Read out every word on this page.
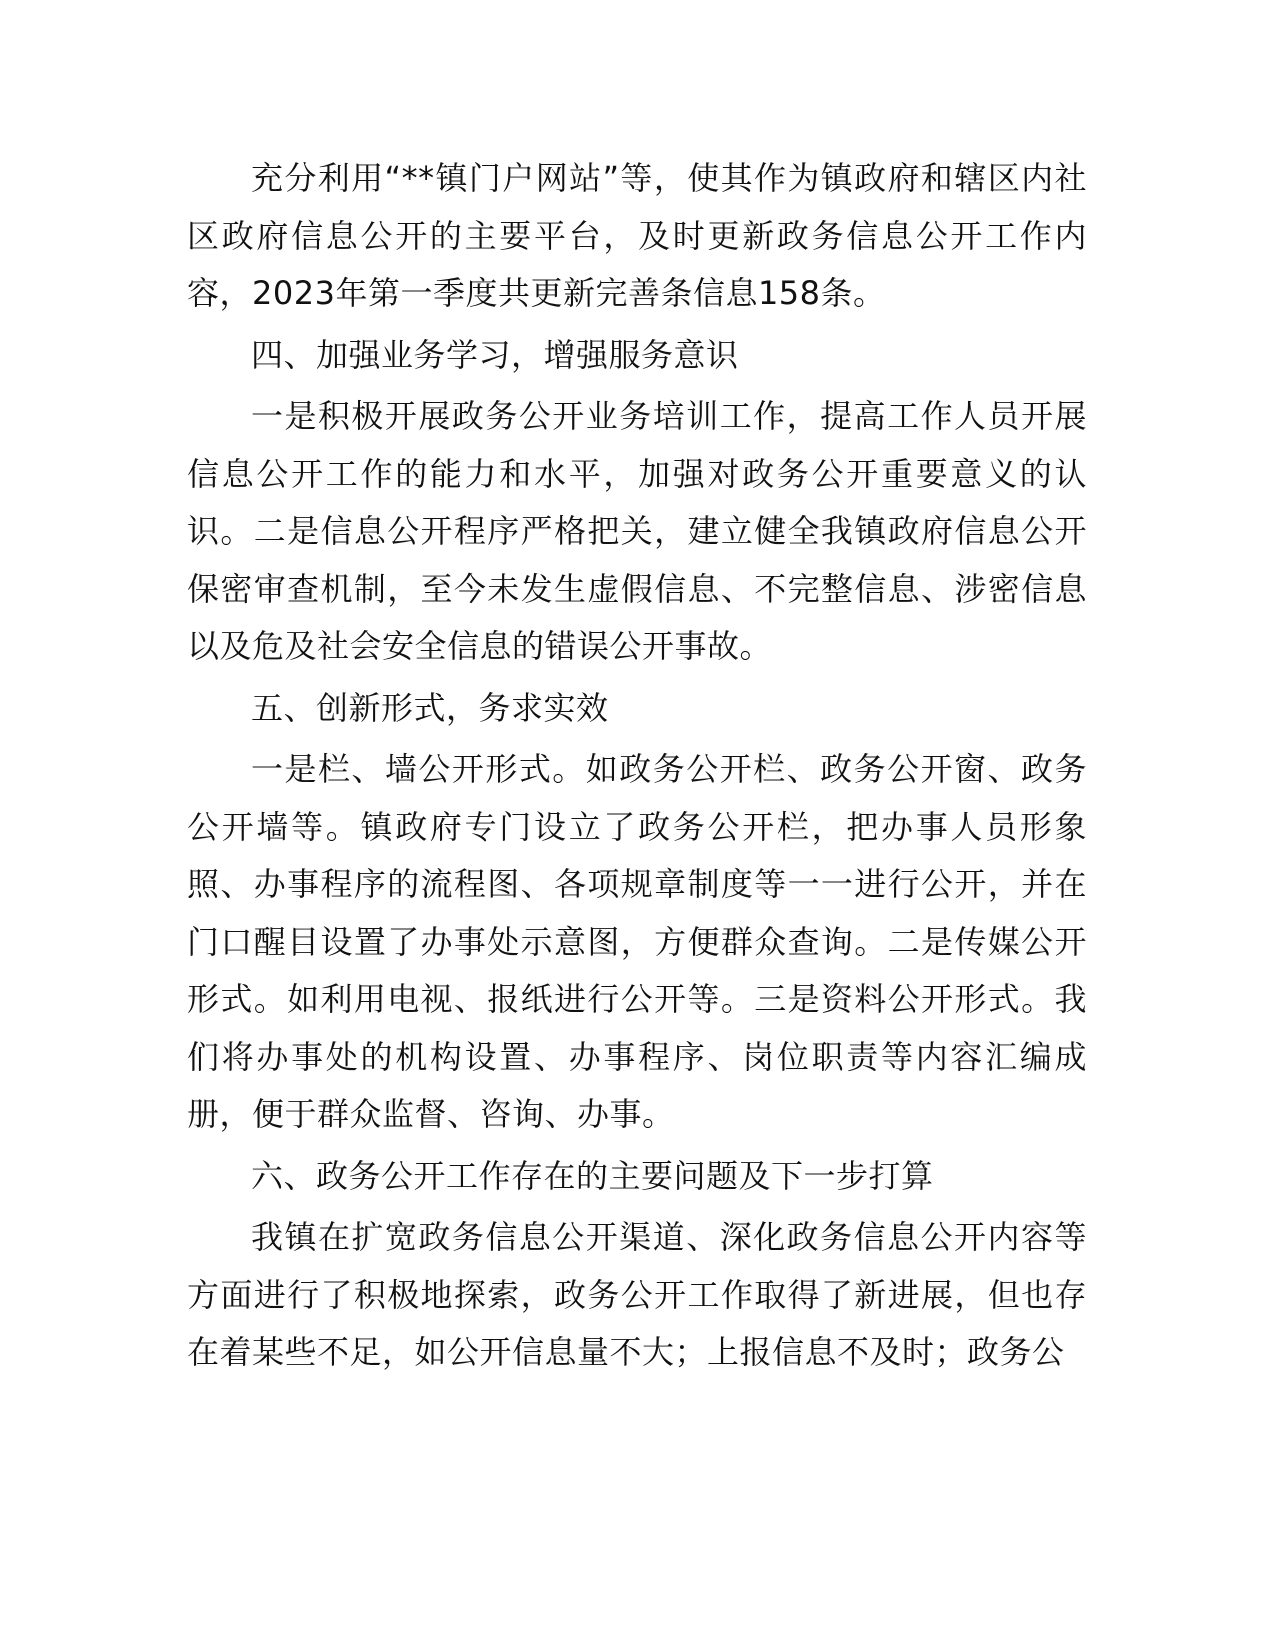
充分利用“**镇门户网站”等，使其作为镇政府和辖区内社区政府信息公开的主要平台，及时更新政务信息公开工作内容，2023年第一季度共更新完善条信息158条。

四、加强业务学习，增强服务意识

一是积极开展政务公开业务培训工作，提高工作人员开展信息公开工作的能力和水平，加强对政务公开重要意义的认识。二是信息公开程序严格把关，建立健全我镇政府信息公开保密审查机制，至今未发生虚假信息、不完整信息、涉密信息以及危及社会安全信息的错误公开事故。

五、创新形式，务求实效

一是栏、墙公开形式。如政务公开栏、政务公开窗、政务公开墙等。镇政府专门设立了政务公开栏，把办事人员形象照、办事程序的流程图、各项规章制度等一一进行公开，并在门口醒目设置了办事处示意图，方便群众查询。二是传媒公开形式。如利用电视、报纸进行公开等。三是资料公开形式。我们将办事处的机构设置、办事程序、岗位职责等内容汇编成册，便于群众监督、咨询、办事。

六、政务公开工作存在的主要问题及下一步打算

我镇在扩宽政务信息公开渠道、深化政务信息公开内容等方面进行了积极地探索，政务公开工作取得了新进展，但也存在着某些不足，如公开信息量不大；上报信息不及时；政务公
